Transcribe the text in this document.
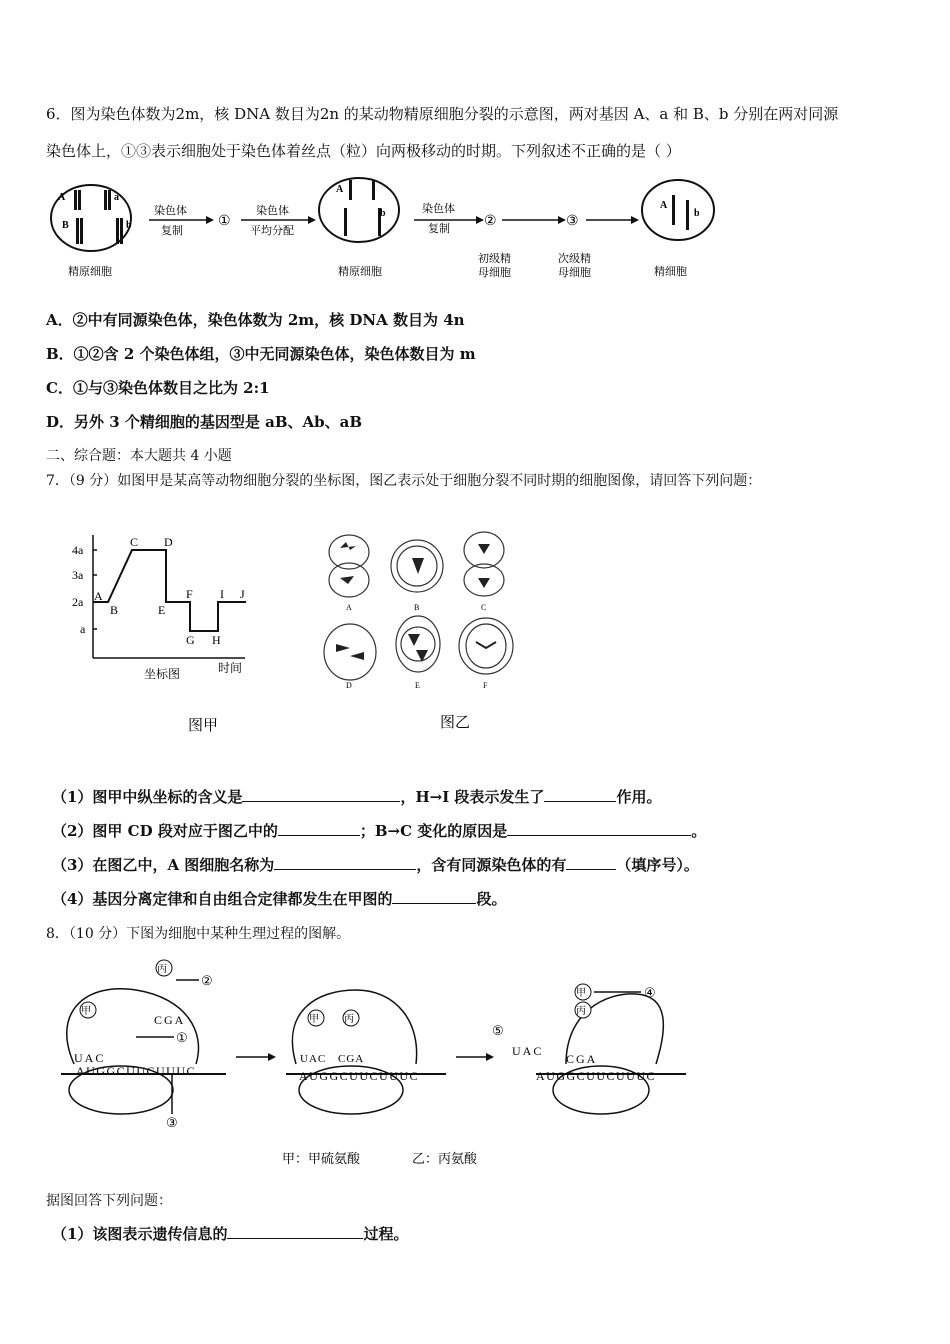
6．图为染色体数为2m，核 DNA 数目为2n 的某动物精原细胞分裂的示意图，两对基因 A、a 和 B、b 分别在两对同源
染色体上，①③表示细胞处于染色体着丝点（粒）向两极移动的时期。下列叙述不正确的是（ ）
A	a
B	b
A
b
A
b
精原细胞
染色体
复制
①
染色体
平均分配
精原细胞
染色体
复制 ②
初级精
母细胞
③
次级精
母细胞	精细胞
A．②中有同源染色体，染色体数为 2m，核 DNA 数目为 4n
B．①②含 2 个染色体组，③中无同源染色体，染色体数目为 m
C．①与③染色体数目之比为 2:1
D．另外 3 个精细胞的基因型是 aB、Ab、aB
二、综合题：本大题共 4 小题
7．（9 分）如图甲是某高等动物细胞分裂的坐标图，图乙表示处于细胞分裂不同时期的细胞图像，请回答下列问题：
4a
3a
2a
a
A
B
C D
E
F
G H
I J
时间
坐标图
图甲
A	B	C
D	E	F
图乙
（1）图甲中纵坐标的含义是	，H→I 段表示发生了	作用。
（2）图甲 CD 段对应于图乙中的	；B→C 变化的原因是	。
（3）在图乙中，A 图细胞名称为	，含有同源染色体的有	（填序号）。
（4）基因分离定律和自由组合定律都发生在甲图的	段。
8．（10 分）下图为细胞中某种生理过程的图解。
丙
甲
甲	丙
甲
丙
②
①
③
④
⑤
CGA
UAC	UAC CGA
UAC
CGA
AUGGCUUCUUUC	AUGGCUUCUUUC	AUGGCUUCUUUC
甲：甲硫氨酸	乙：丙氨酸
据图回答下列问题：
（1）该图表示遗传信息的	过程。
